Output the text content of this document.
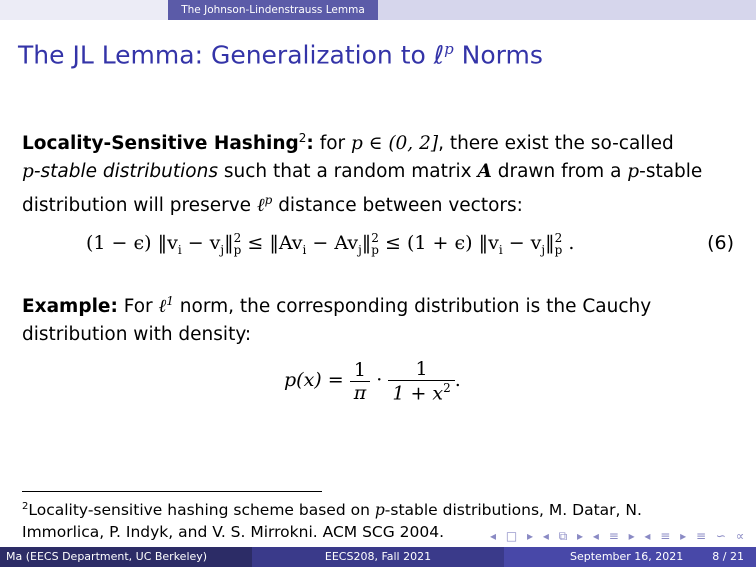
The Johnson-Lindenstrauss Lemma
The JL Lemma: Generalization to ℓ$^p$ Norms
Locality-Sensitive Hashing$^2$: for p ∈ (0, 2], there exist the so-called
p-stable distributions such that a random matrix A drawn from a p-stable
distribution will preserve ℓ$^p$ distance between vectors:
(1 − ϵ) $‖v_i$ − $v_j‖$ 2
$p \le ‖Av_i$ − $Av_j‖$ 2
p ≤ (1 + ϵ) $‖v_i$ − $v_j‖$ 2
p .	(6)
Example: For ℓ$^1$ norm, the corresponding distribution is the Cauchy
distribution with density:
$p(x) = \frac{1}{\pi} \cdot \frac{1}{1 + x^2}$ .
$^2$Locality-sensitive hashing scheme based on p-stable distributions, M. Datar, N.
Immorlica, P. Indyk, and V. S. Mirrokni. ACM SCG 2004.	◂ □ ▸ ◂ ⧉ ▸ ◂ ≡ ▸ ◂ ≡ ▸ ≡ ∽ ∝
Ma (EECS Department, UC Berkeley)	EECS208, Fall 2021	September 16, 2021	8 / 21
